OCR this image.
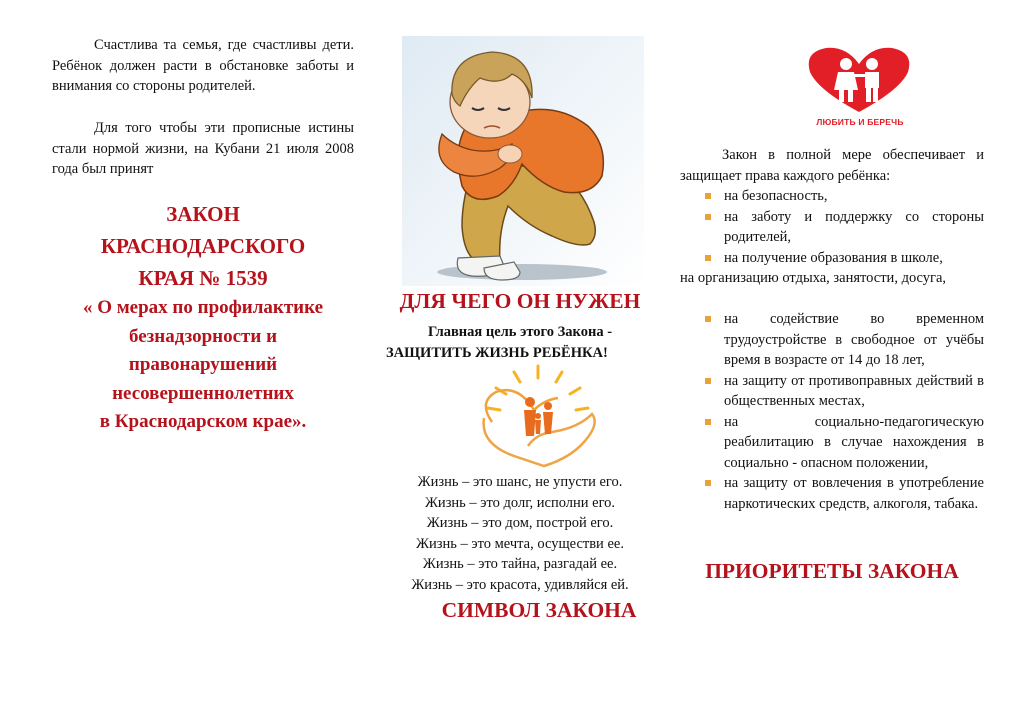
Счастлива та семья, где счастливы дети. Ребёнок должен расти в обстановке заботы и внимания со стороны родителей.

Для того чтобы эти прописные истины стали нормой жизни, на Кубани 21 июля 2008 года был принят

ЗАКОН

КРАСНОДАРСКОГО

КРАЯ № 1539

« О мерах по профилактике

безнадзорности и

правонарушений

несовершеннолетних

в Краснодарском крае».

ДЛЯ ЧЕГО ОН НУЖЕН
Главная цель этого Закона -
ЗАЩИТИТЬ ЖИЗНЬ РЕБЁНКА!
Жизнь – это шанс, не упусти его.
Жизнь – это долг, исполни его.
Жизнь – это дом, построй его.
Жизнь – это мечта, осуществи ее.
Жизнь – это тайна, разгадай ее.
Жизнь – это красота, удивляйся ей.
СИМВОЛ ЗАКОНА
ЛЮБИТЬ И БЕРЕЧЬ

Закон в полной мере обеспечивает и защищает права каждого ребёнка:

на безопасность,
на заботу и поддержку со стороны родителей,
на получение образования в школе,

на организацию отдыха, занятости, досуга,

на содействие во временном трудоустройстве в свободное от учёбы время в возрасте от 14 до 18 лет,
на защиту от противоправных действий в общественных местах,
на социально-педагогическую реабилитацию в случае нахождения в социально - опасном положении,
на защиту от вовлечения в употребление наркотических средств, алкоголя, табака.
ПРИОРИТЕТЫ ЗАКОНА
